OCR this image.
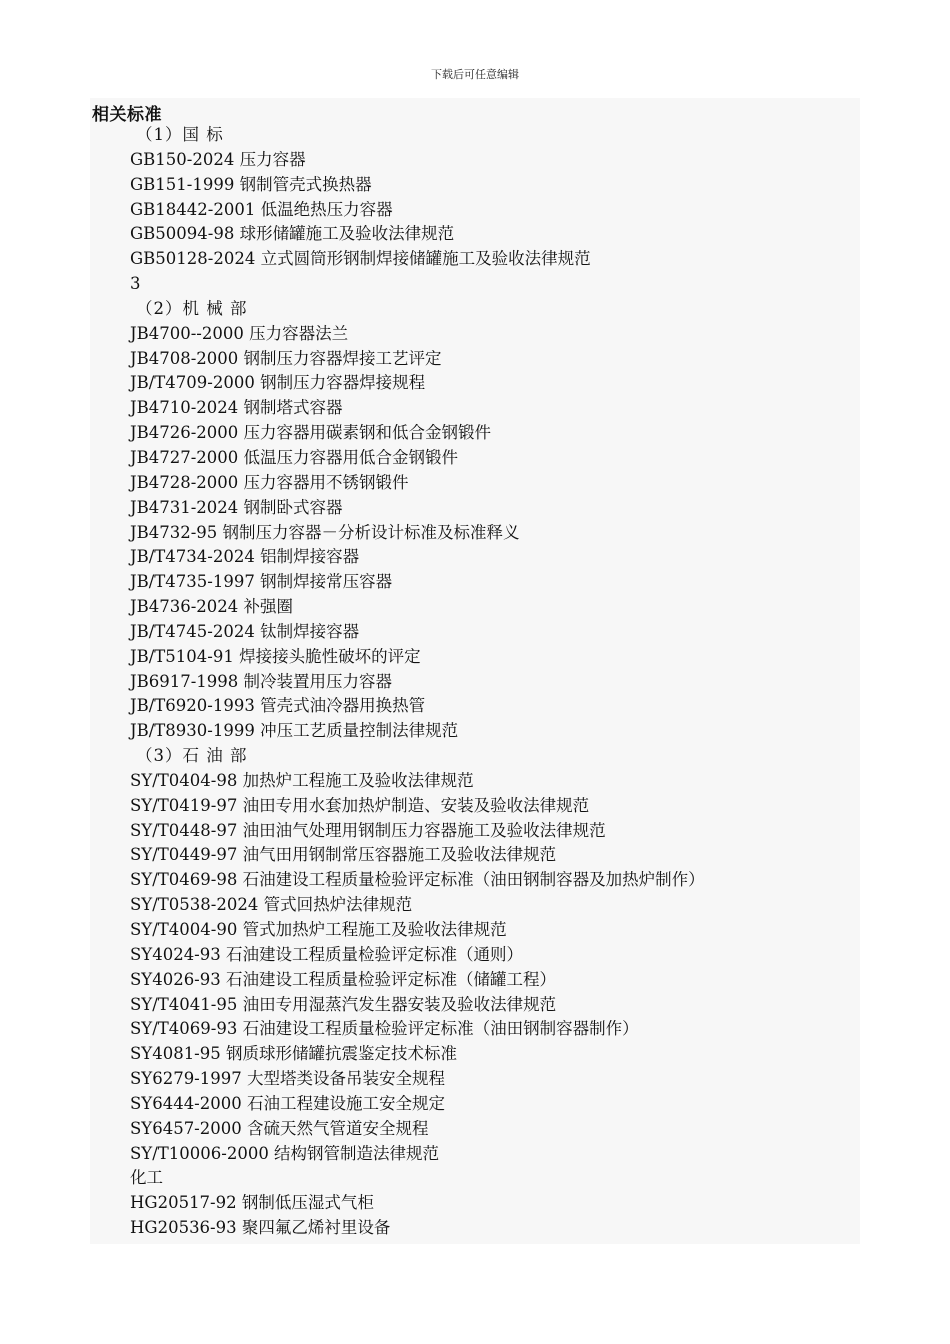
下载后可任意编辑
相关标准
（1）国 标
GB150-2024 压力容器
GB151-1999 钢制管壳式换热器
GB18442-2001 低温绝热压力容器
GB50094-98 球形储罐施工及验收法律规范
GB50128-2024 立式圆筒形钢制焊接储罐施工及验收法律规范
3
（2）机 械 部
JB4700--2000 压力容器法兰
JB4708-2000 钢制压力容器焊接工艺评定
JB/T4709-2000 钢制压力容器焊接规程
JB4710-2024 钢制塔式容器
JB4726-2000 压力容器用碳素钢和低合金钢锻件
JB4727-2000 低温压力容器用低合金钢锻件
JB4728-2000 压力容器用不锈钢锻件
JB4731-2024 钢制卧式容器
JB4732-95 钢制压力容器－分析设计标准及标准释义
JB/T4734-2024 铝制焊接容器
JB/T4735-1997 钢制焊接常压容器
JB4736-2024 补强圈
JB/T4745-2024 钛制焊接容器
JB/T5104-91 焊接接头脆性破坏的评定
JB6917-1998 制冷装置用压力容器
JB/T6920-1993 管壳式油冷器用换热管
JB/T8930-1999 冲压工艺质量控制法律规范
（3）石 油 部
SY/T0404-98 加热炉工程施工及验收法律规范
SY/T0419-97 油田专用水套加热炉制造、安装及验收法律规范
SY/T0448-97 油田油气处理用钢制压力容器施工及验收法律规范
SY/T0449-97 油气田用钢制常压容器施工及验收法律规范
SY/T0469-98 石油建设工程质量检验评定标准（油田钢制容器及加热炉制作）
SY/T0538-2024 管式回热炉法律规范
SY/T4004-90 管式加热炉工程施工及验收法律规范
SY4024-93 石油建设工程质量检验评定标准（通则）
SY4026-93 石油建设工程质量检验评定标准（储罐工程）
SY/T4041-95 油田专用湿蒸汽发生器安装及验收法律规范
SY/T4069-93 石油建设工程质量检验评定标准（油田钢制容器制作）
SY4081-95 钢质球形储罐抗震鉴定技术标准
SY6279-1997 大型塔类设备吊装安全规程
SY6444-2000 石油工程建设施工安全规定
SY6457-2000 含硫天然气管道安全规程
SY/T10006-2000 结构钢管制造法律规范
化工
HG20517-92 钢制低压湿式气柜
HG20536-93 聚四氟乙烯衬里设备
